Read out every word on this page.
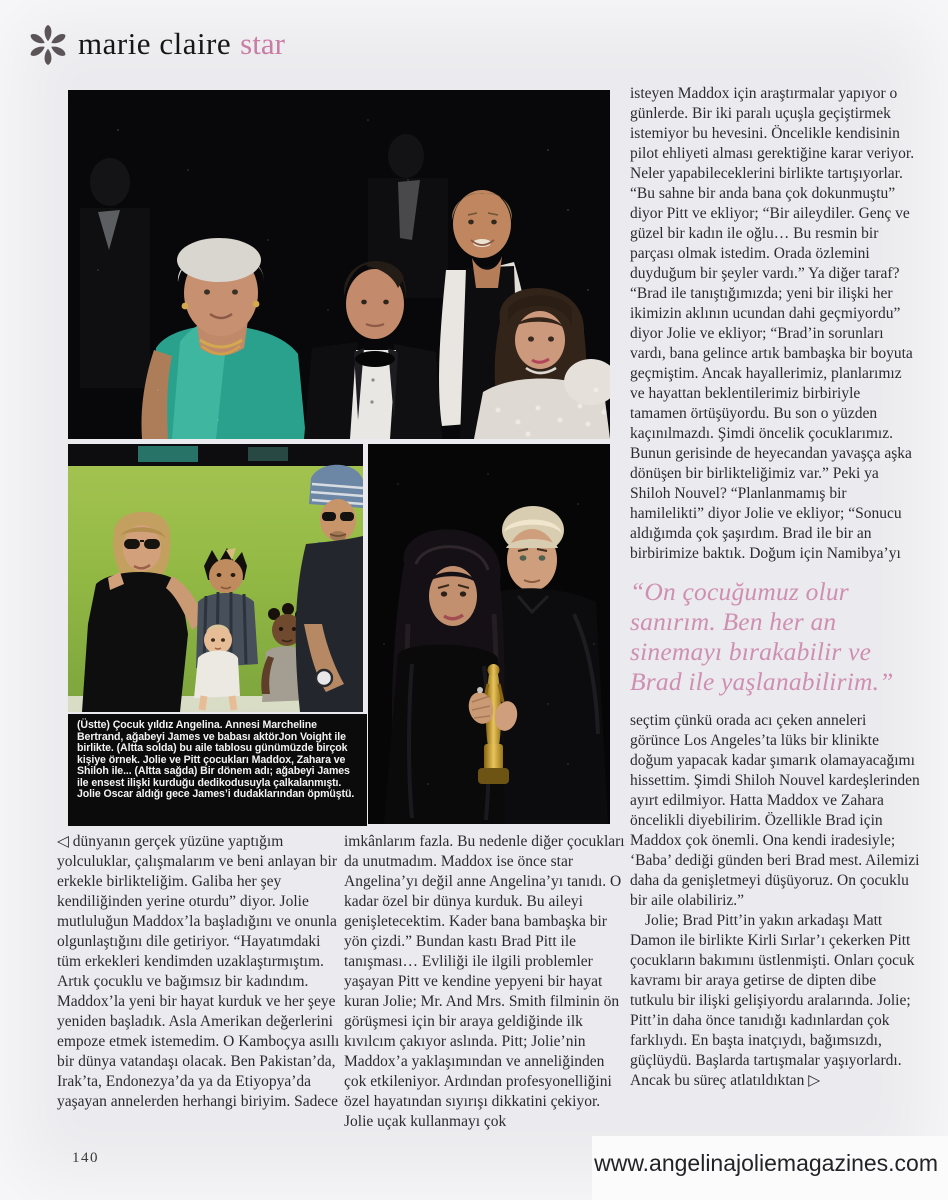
marie claire star
(Üstte) Çocuk yıldız Angelina. Annesi Marcheline Bertrand, ağabeyi James ve babası aktörJon Voight ile birlikte. (Altta solda) bu aile tablosu günümüzde birçok kişiye örnek. Jolie ve Pitt çocukları Maddox, Zahara ve Shiloh ile... (Altta sağda) Bir dönem adı; ağabeyi James ile ensest ilişki kurduğu dedikodusuyla çalkalanmıştı. Jolie Oscar aldığı gece James’i dudaklarından öpmüştü.

◁ dünyanın gerçek yüzüne yaptığım yolculuklar, çalışmalarım ve beni anlayan bir erkekle birlikteliğim. Galiba her şey kendiliğinden yerine oturdu” diyor. Jolie mutluluğun Maddox’la başladığını ve onunla olgunlaştığını dile getiriyor. “Hayatımdaki tüm erkekleri kendimden uzaklaştırmıştım. Artık çocuklu ve bağımsız bir kadındım. Maddox’la yeni bir hayat kurduk ve her şeye yeniden başladık. Asla Amerikan değerlerini empoze etmek istemedim. O Kamboçya asıllı bir dünya vatandaşı olacak. Ben Pakistan’da, Irak’ta, Endonezya’da ya da Etiyopya’da yaşayan annelerden herhangi biriyim. Sadece

imkânlarım fazla. Bu nedenle diğer çocukları da unutmadım. Maddox ise önce star Angelina’yı değil anne Angelina’yı tanıdı. O kadar özel bir dünya kurduk. Bu aileyi genişletecektim. Kader bana bambaşka bir yön çizdi.” Bundan kastı Brad Pitt ile tanışması… Evliliği ile ilgili problemler yaşayan Pitt ve kendine yepyeni bir hayat kuran Jolie; Mr. And Mrs. Smith filminin ön görüşmesi için bir araya geldiğinde ilk kıvılcım çakıyor aslında. Pitt; Jolie’nin Maddox’a yaklaşımından ve anneliğinden çok etkileniyor. Ardından profesyonelliğini özel hayatından sıyırışı dikkatini çekiyor. Jolie uçak kullanmayı çok

isteyen Maddox için araştırmalar yapıyor o günlerde. Bir iki paralı uçuşla geçiştirmek istemiyor bu hevesini. Öncelikle kendisinin pilot ehliyeti alması gerektiğine karar veriyor. Neler yapabileceklerini birlikte tartışıyorlar. “Bu sahne bir anda bana çok dokunmuştu” diyor Pitt ve ekliyor; “Bir aileydiler. Genç ve güzel bir kadın ile oğlu… Bu resmin bir parçası olmak istedim. Orada özlemini duyduğum bir şeyler vardı.” Ya diğer taraf? “Brad ile tanıştığımızda; yeni bir ilişki her ikimizin aklının ucundan dahi geçmiyordu” diyor Jolie ve ekliyor; “Brad’in sorunları vardı, bana gelince artık bambaşka bir boyuta geçmiştim. Ancak hayallerimiz, planlarımız ve hayattan beklentilerimiz birbiriyle tamamen örtüşüyordu. Bu son o yüzden kaçınılmazdı. Şimdi öncelik çocuklarımız. Bunun gerisinde de heyecandan yavaşça aşka dönüşen bir birlikteliğimiz var.” Peki ya Shiloh Nouvel? “Planlanmamış bir hamilelikti” diyor Jolie ve ekliyor; “Sonucu aldığımda çok şaşırdım. Brad ile bir an birbirimize baktık. Doğum için Namibya’yı

“On çocuğumuz olur sanırım. Ben her an sinemayı bırakabilir ve Brad ile yaşlanabilirim.”

seçtim çünkü orada acı çeken anneleri görünce Los Angeles’ta lüks bir klinikte doğum yapacak kadar şımarık olamayacağımı hissettim. Şimdi Shiloh Nouvel kardeşlerinden ayırt edilmiyor. Hatta Maddox ve Zahara öncelikli diyebilirim. Özellikle Brad için Maddox çok önemli. Ona kendi iradesiyle; ‘Baba’ dediği günden beri Brad mest. Ailemizi daha da genişletmeyi düşüyoruz. On çocuklu bir aile olabiliriz.”

Jolie; Brad Pitt’in yakın arkadaşı Matt Damon ile birlikte Kirli Sırlar’ı çekerken Pitt çocukların bakımını üstlenmişti. Onları çocuk kavramı bir araya getirse de dipten dibe tutkulu bir ilişki gelişiyordu aralarında. Jolie; Pitt’in daha önce tanıdığı kadınlardan çok farklıydı. En başta inatçıydı, bağımsızdı, güçlüydü. Başlarda tartışmalar yaşıyorlardı. Ancak bu süreç atlatıldıktan ▷

140	www.angelinajoliemagazines.com
